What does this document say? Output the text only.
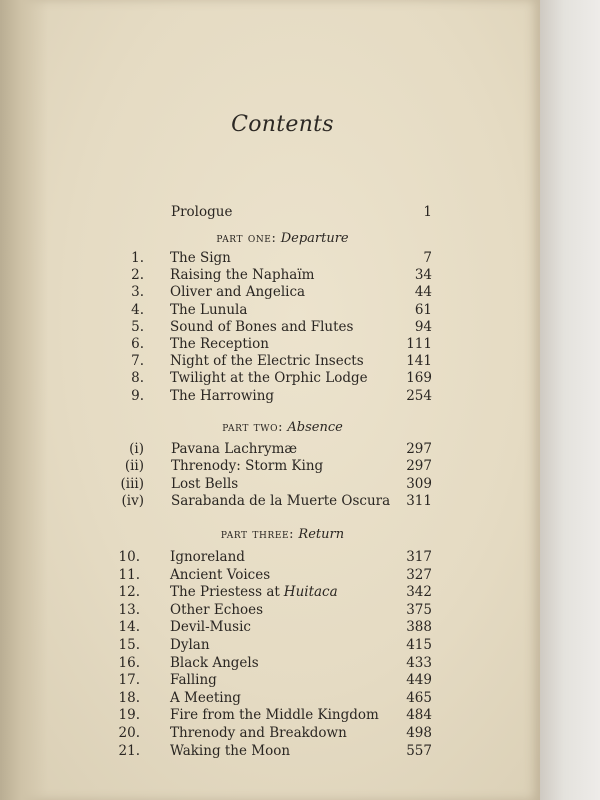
Contents
Prologue	1
part one: Departure
1. The Sign	7
2. Raising the Naphaïm	34
3. Oliver and Angelica	44
4. The Lunula	61
5. Sound of Bones and Flutes	94
6. The Reception	111
7. Night of the Electric Insects	141
8. Twilight at the Orphic Lodge	169
9. The Harrowing	254
part two: Absence
(i) Pavana Lachrymæ	297
(ii) Threnody: Storm King	297
(iii) Lost Bells	309
(iv) Sarabanda de la Muerte Oscura	311
part three: Return
10. Ignoreland	317
11. Ancient Voices	327
12. The Priestess at Huitaca	342
13. Other Echoes	375
14. Devil-Music	388
15. Dylan	415
16. Black Angels	433
17. Falling	449
18. A Meeting	465
19. Fire from the Middle Kingdom	484
20. Threnody and Breakdown	498
21. Waking the Moon	557
